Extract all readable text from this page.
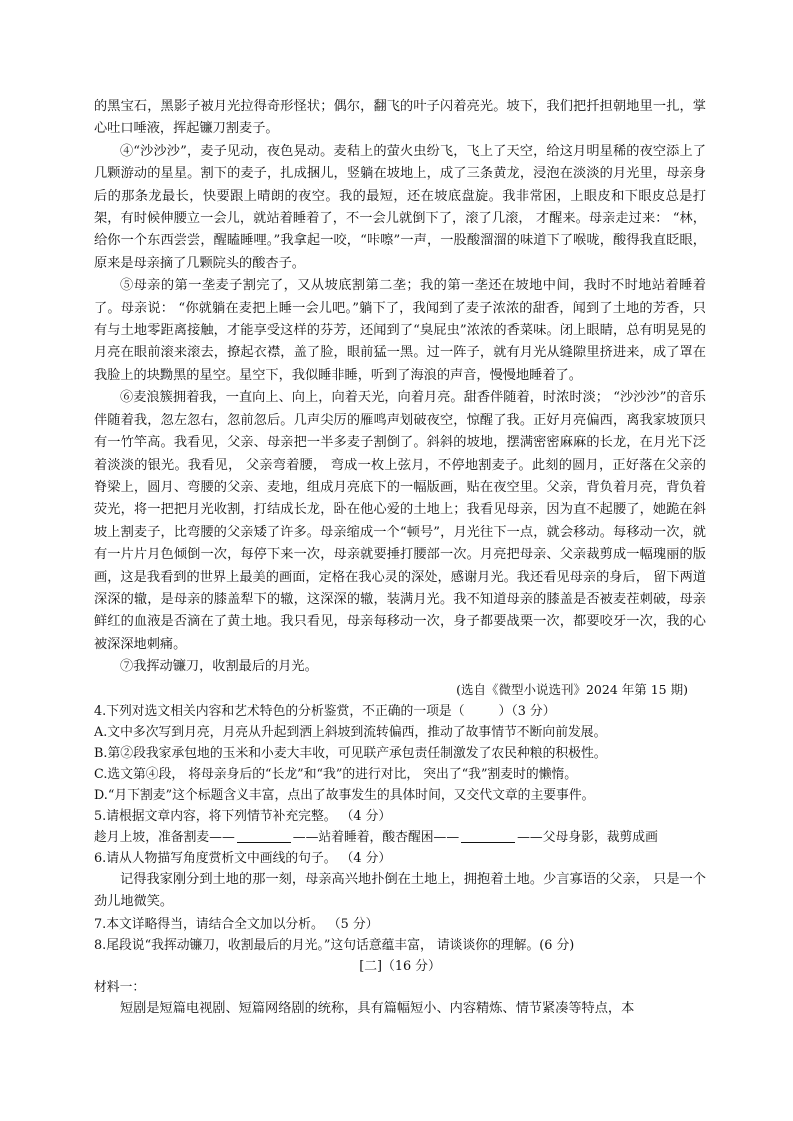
的黑宝石，黑影子被月光拉得奇形怪状；偶尔，翻飞的叶子闪着亮光。坡下，我们把扦担朝地里一扎，掌心吐口唾液，挥起镰刀割麦子。

④“沙沙沙”，麦子见动，夜色晃动。麦秸上的萤火虫纷飞，飞上了天空，给这月明星稀的夜空添上了几颗游动的星星。割下的麦子，扎成捆儿，竖躺在坡地上，成了三条黄龙，浸泡在淡淡的月光里，母亲身后的那条龙最长，快要跟上晴朗的夜空。我的最短，还在坡底盘旋。我非常困，上眼皮和下眼皮总是打架，有时候伸腰立一会儿，就站着睡着了，不一会儿就倒下了，滚了几滚， 才醒来。母亲走过来： “林，给你一个东西尝尝，醒瞌睡哩。”我拿起一咬，“咔嚓”一声，一股酸溜溜的味道下了喉咙，酸得我直眨眼，原来是母亲摘了几颗院头的酸杏子。

⑤母亲的第一垄麦子割完了，又从坡底割第二垄；我的第一垄还在坡地中间，我时不时地站着睡着了。母亲说： “你就躺在麦把上睡一会儿吧。”躺下了，我闻到了麦子浓浓的甜香，闻到了土地的芳香，只有与土地零距离接触，才能享受这样的芬芳，还闻到了“臭屁虫”浓浓的香菜味。闭上眼睛，总有明晃晃的月亮在眼前滚来滚去，撩起衣襟，盖了脸，眼前猛一黑。过一阵子，就有月光从缝隙里挤进来，成了罩在我脸上的块黝黑的星空。星空下，我似睡非睡，听到了海浪的声音，慢慢地睡着了。

⑥麦浪簇拥着我，一直向上、向上，向着天光，向着月亮。甜香伴随着，时浓时淡； “沙沙沙”的音乐伴随着我，忽左忽右，忽前忽后。几声尖厉的雁鸣声划破夜空，惊醒了我。正好月亮偏西，离我家坡顶只有一竹竿高。我看见，父亲、母亲把一半多麦子割倒了。斜斜的坡地，摆满密密麻麻的长龙，在月光下泛着淡淡的银光。我看见， 父亲弯着腰， 弯成一枚上弦月，不停地割麦子。此刻的圆月，正好落在父亲的脊梁上，圆月、弯腰的父亲、麦地，组成月亮底下的一幅版画，贴在夜空里。父亲，背负着月亮，背负着荧光，将一把把月光收割，打结成长龙，卧在他心爱的土地上；我看见母亲，因为直不起腰了，她跪在斜坡上割麦子，比弯腰的父亲矮了许多。母亲缩成一个“顿号”，月光往下一点，就会移动。每移动一次，就有一片片月色倾倒一次，每停下来一次，母亲就要捶打腰部一次。月亮把母亲、父亲裁剪成一幅瑰丽的版画，这是我看到的世界上最美的画面，定格在我心灵的深处，感谢月光。我还看见母亲的身后， 留下两道深深的辙，是母亲的膝盖犁下的辙，这深深的辙，装满月光。我不知道母亲的膝盖是否被麦茬刺破，母亲鲜红的血液是否滴在了黄土地。我只看见，母亲每移动一次，身子都要战栗一次，都要咬牙一次，我的心被深深地刺痛。

⑦我挥动镰刀，收割最后的月光。

(选自《微型小说选刊》2024 年第 15 期)

4.下列对选文相关内容和艺术特色的分析鉴赏，不正确的一项是（	）（3 分）

A.文中多次写到月亮，月亮从升起到洒上斜坡到流转偏西，推动了故事情节不断向前发展。

B.第②段我家承包地的玉米和小麦大丰收，可见联产承包责任制激发了农民种粮的积极性。

C.选文第④段， 将母亲身后的“长龙”和“我”的进行对比， 突出了“我”割麦时的懒惰。

D.“月下割麦”这个标题含义丰富，点出了故事发生的具体时间，又交代文章的主要事件。

5.请根据文章内容，将下列情节补充完整。 （4 分）

趁月上坡，准备割麦——	——站着睡着，酸杏醒困——	——父母身影，裁剪成画

6.请从人物描写角度赏析文中画线的句子。 （4 分）

记得我家刚分到土地的那一刻，母亲高兴地扑倒在土地上，拥抱着土地。少言寡语的父亲， 只是一个劲儿地微笑。

7.本文详略得当，请结合全文加以分析。 （5 分）

8.尾段说“我挥动镰刀，收割最后的月光。”这句话意蕴丰富， 请谈谈你的理解。(6 分)

[二]（16 分）

材料一：

短剧是短篇电视剧、短篇网络剧的统称，具有篇幅短小、内容精炼、情节紧凑等特点，本
